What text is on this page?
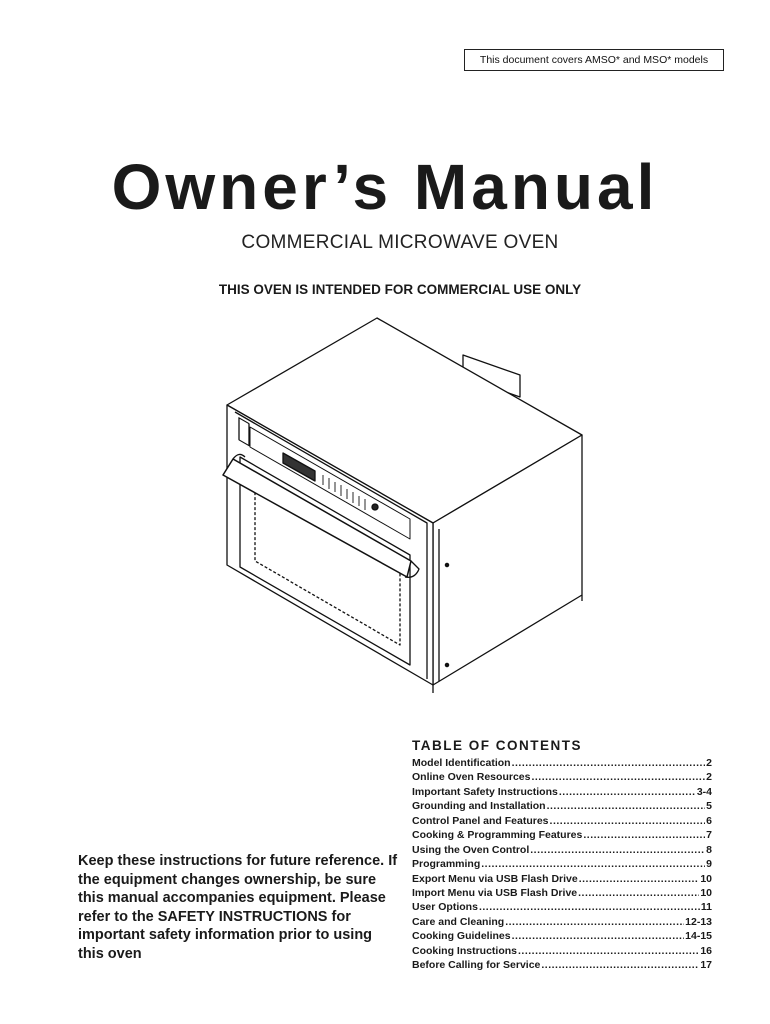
This document covers AMSO* and MSO* models
Owner’s Manual
COMMERCIAL MICROWAVE OVEN
THIS OVEN IS INTENDED FOR COMMERCIAL USE ONLY
Keep these instructions for future reference. If the equipment changes ownership, be sure this manual accompanies equipment. Please refer to the SAFETY INSTRUCTIONS for important safety information prior to using this oven
TABLE OF CONTENTS
Model Identification .....	2
Online Oven Resources .....	2
Important Safety Instructions .....	3-4
Grounding and Installation .....	5
Control Panel and Features .....	6
Cooking & Programming Features .....	7
Using the Oven Control .....	8
Programming .....	9
Export Menu via USB Flash Drive .....	10
Import Menu via USB Flash Drive .....	10
User Options .....	11
Care and Cleaning .....	12-13
Cooking Guidelines .....	14-15
Cooking Instructions .....	16
Before Calling for Service .....	17
